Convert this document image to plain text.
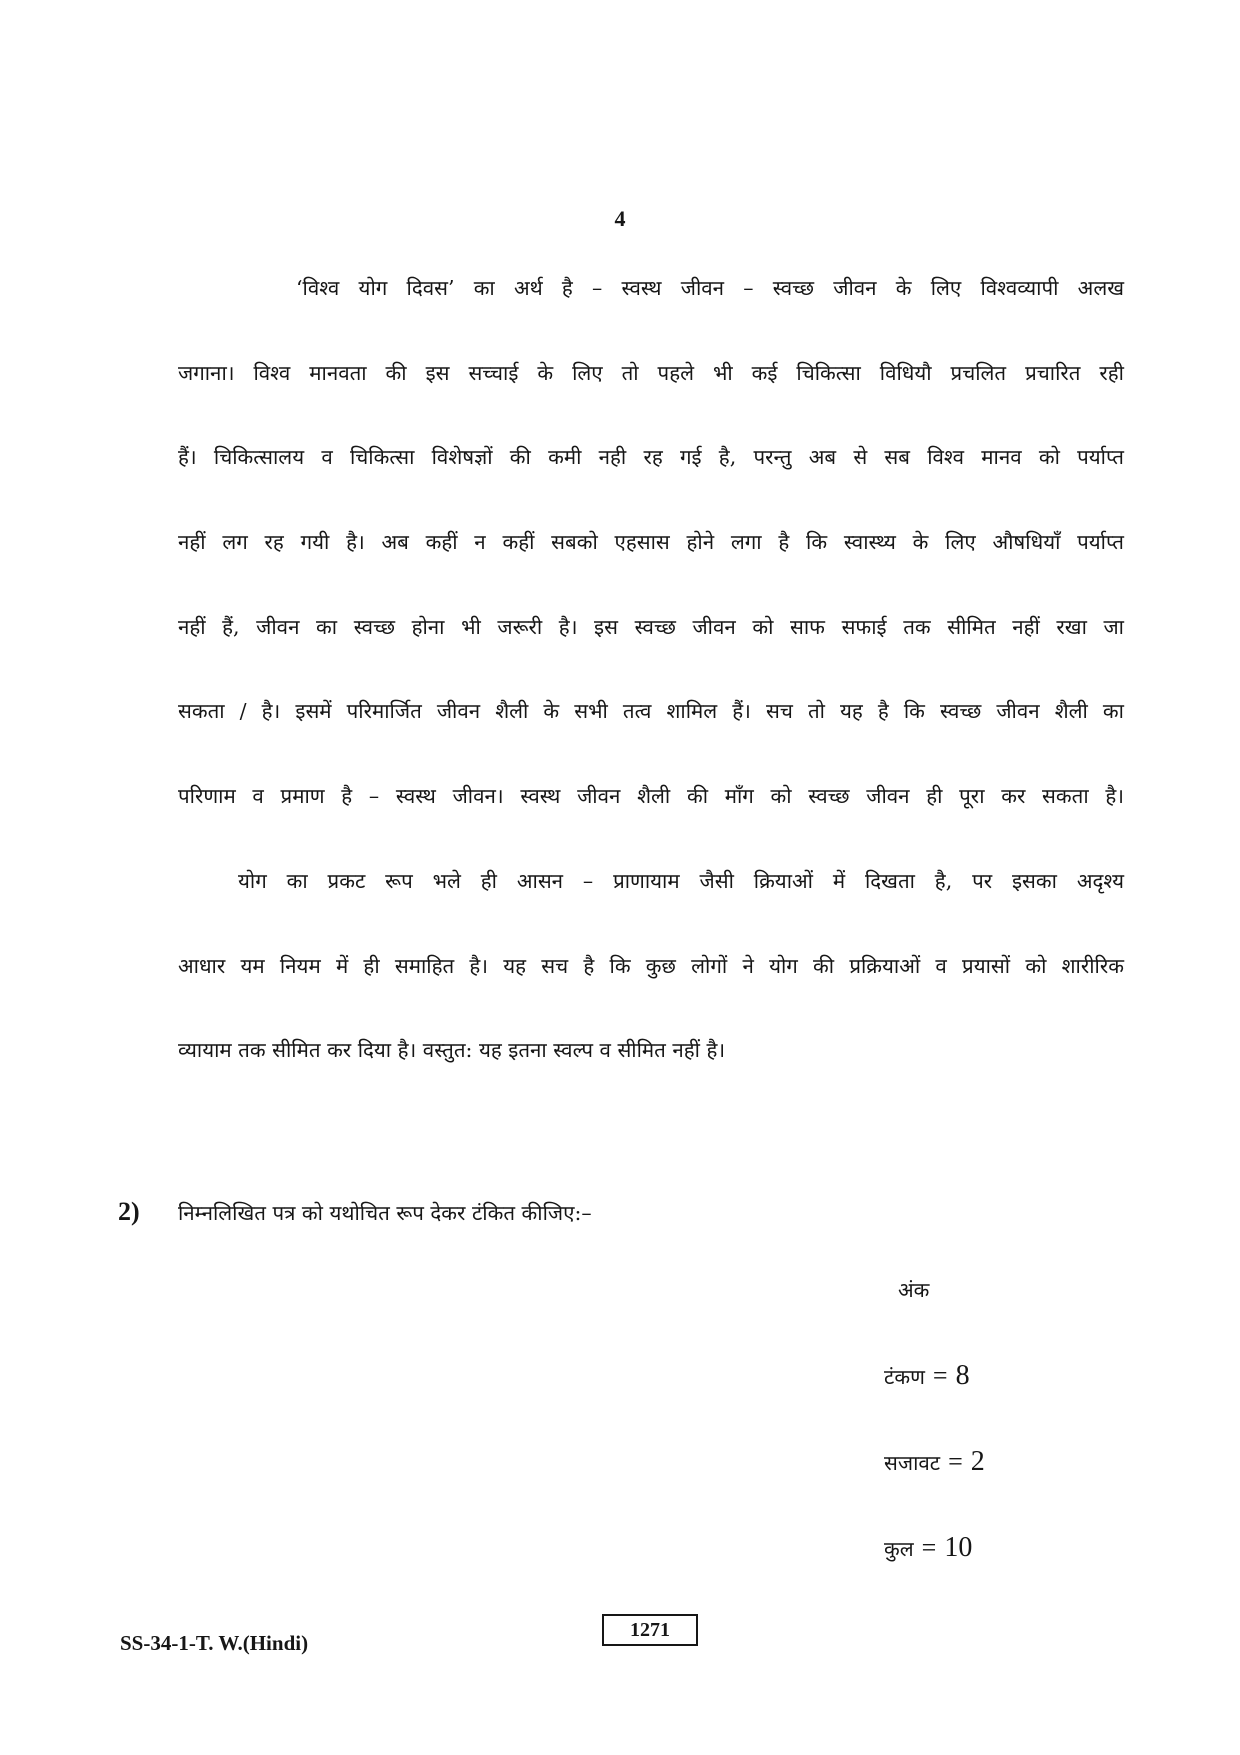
4
‘विश्व योग दिवस’ का अर्थ है – स्वस्थ जीवन – स्वच्छ जीवन के लिए विश्वव्यापी अलख
जगाना। विश्व मानवता की इस सच्चाई के लिए तो पहले भी कई चिकित्सा विधियौ प्रचलित प्रचारित रही
हैं। चिकित्सालय व चिकित्सा विशेषज्ञों की कमी नही रह गई है, परन्तु अब से सब विश्व मानव को पर्याप्त
नहीं लग रह गयी है। अब कहीं न कहीं सबको एहसास होने लगा है कि स्वास्थ्य के लिए औषधियाँ पर्याप्त
नहीं हैं, जीवन का स्वच्छ होना भी जरूरी है। इस स्वच्छ जीवन को साफ सफाई तक सीमित नहीं रखा जा
सकता / है। इसमें परिमार्जित जीवन शैली के सभी तत्व शामिल हैं। सच तो यह है कि स्वच्छ जीवन शैली का
परिणाम व प्रमाण है – स्वस्थ जीवन। स्वस्थ जीवन शैली की माँग को स्वच्छ जीवन ही पूरा कर सकता है।
योग का प्रकट रूप भले ही आसन – प्राणायाम जैसी क्रियाओं में दिखता है, पर इसका अदृश्य
आधार यम नियम में ही समाहित है। यह सच है कि कुछ लोगों ने योग की प्रक्रियाओं व प्रयासों को शारीरिक
व्यायाम तक सीमित कर दिया है। वस्तुत: यह इतना स्वल्प व सीमित नहीं है।
2) निम्नलिखित पत्र को यथोचित रूप देकर टंकित कीजिए:–
अंक
टंकण = 8
सजावट = 2
कुल = 10
SS-34-1-T. W.(Hindi)
1271
